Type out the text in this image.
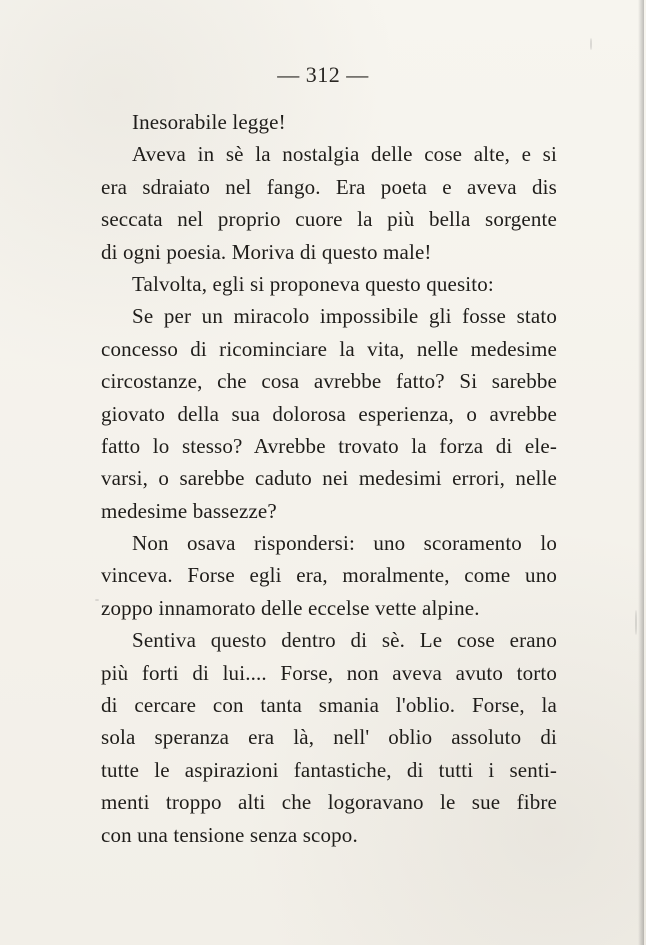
— 312 —
Inesorabile legge!
Aveva in sè la nostalgia delle cose alte, e si
era sdraiato nel fango. Era poeta e aveva dis
seccata nel proprio cuore la più bella sorgente
di ogni poesia. Moriva di questo male!
Talvolta, egli si proponeva questo quesito:
Se per un miracolo impossibile gli fosse stato
concesso di ricominciare la vita, nelle medesime
circostanze, che cosa avrebbe fatto? Si sarebbe
giovato della sua dolorosa esperienza, o avrebbe
fatto lo stesso? Avrebbe trovato la forza di ele-
varsi, o sarebbe caduto nei medesimi errori, nelle
medesime bassezze?
Non osava rispondersi: uno scoramento lo
vinceva. Forse egli era, moralmente, come uno
zoppo innamorato delle eccelse vette alpine.
Sentiva questo dentro di sè. Le cose erano
più forti di lui.... Forse, non aveva avuto torto
di cercare con tanta smania l'oblio. Forse, la
sola speranza era là, nell' oblio assoluto di
tutte le aspirazioni fantastiche, di tutti i senti-
menti troppo alti che logoravano le sue fibre
con una tensione senza scopo.
